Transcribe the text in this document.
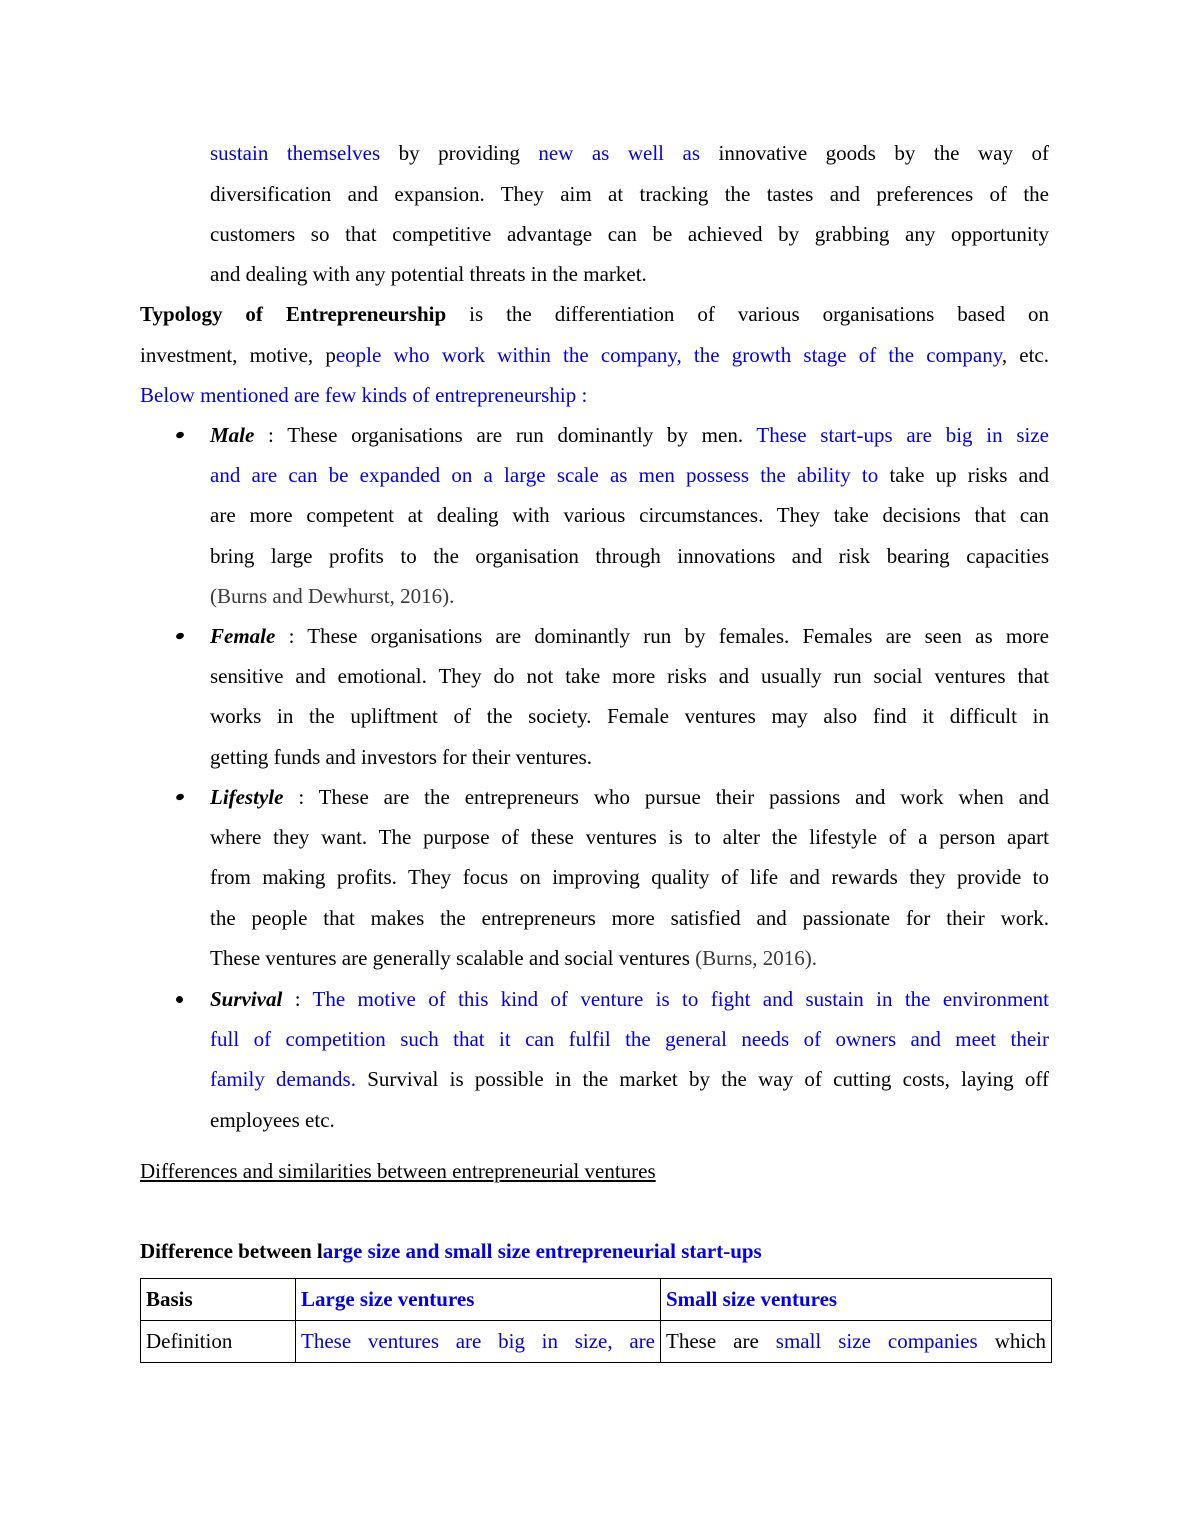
sustain themselves by providing new as well as innovative goods by the way of
diversification and expansion. They aim at tracking the tastes and preferences of the
customers so that competitive advantage can be achieved by grabbing any opportunity
and dealing with any potential threats in the market.
Typology of Entrepreneurship is the differentiation of various organisations based on
investment, motive, people who work within the company, the growth stage of the company, etc.
Below mentioned are few kinds of entrepreneurship :
Male : These organisations are run dominantly by men. These start-ups are big in size
and are can be expanded on a large scale as men possess the ability to take up risks and
are more competent at dealing with various circumstances. They take decisions that can
bring large profits to the organisation through innovations and risk bearing capacities
(Burns and Dewhurst, 2016).
Female : These organisations are dominantly run by females. Females are seen as more
sensitive and emotional. They do not take more risks and usually run social ventures that
works in the upliftment of the society. Female ventures may also find it difficult in
getting funds and investors for their ventures.
Lifestyle : These are the entrepreneurs who pursue their passions and work when and
where they want. The purpose of these ventures is to alter the lifestyle of a person apart
from making profits. They focus on improving quality of life and rewards they provide to
the people that makes the entrepreneurs more satisfied and passionate for their work.
These ventures are generally scalable and social ventures (Burns, 2016).
Survival : The motive of this kind of venture is to fight and sustain in the environment
full of competition such that it can fulfil the general needs of owners and meet their
family demands. Survival is possible in the market by the way of cutting costs, laying off
employees etc.
Differences and similarities between entrepreneurial ventures
Difference between large size and small size entrepreneurial start-ups
Basis	Large size ventures	Small size ventures
Definition	These ventures are big in size, are	These are small size companies which
